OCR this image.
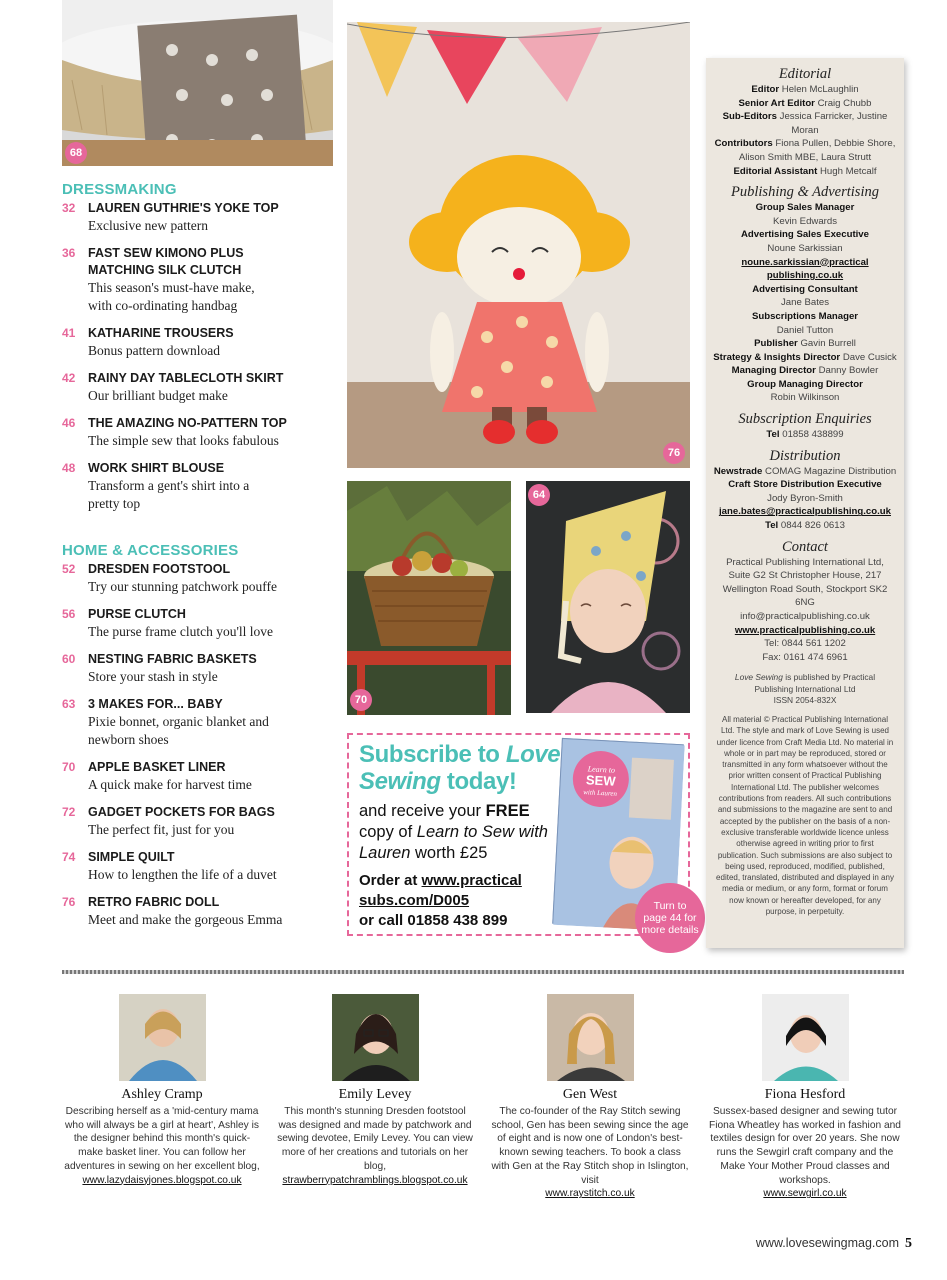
68
76
70
64
DRESSMAKING
32	LAUREN GUTHRIE'S YOKE TOP
Exclusive new pattern
36	FAST SEW KIMONO PLUS MATCHING SILK CLUTCH
This season's must-have make, with co-ordinating handbag
41	KATHARINE TROUSERS
Bonus pattern download
42	RAINY DAY TABLECLOTH SKIRT
Our brilliant budget make
46	THE AMAZING NO-PATTERN TOP
The simple sew that looks fabulous
48	WORK SHIRT BLOUSE
Transform a gent's shirt into a pretty top
HOME & ACCESSORIES
52	DRESDEN FOOTSTOOL
Try our stunning patchwork pouffe
56	PURSE CLUTCH
The purse frame clutch you'll love
60	NESTING FABRIC BASKETS
Store your stash in style
63	3 MAKES FOR... BABY
Pixie bonnet, organic blanket and newborn shoes
70	APPLE BASKET LINER
A quick make for harvest time
72	GADGET POCKETS FOR BAGS
The perfect fit, just for you
74	SIMPLE QUILT
How to lengthen the life of a duvet
76	RETRO FABRIC DOLL
Meet and make the gorgeous Emma
Subscribe to Love Sewing today!
and receive your FREE copy of Learn to Sew with Lauren worth £25
Order at www.practical subs.com/D005
or call 01858 438 899
Learn to
SEW
with Lauren
Turn to page 44 for more details
Editorial
Editor Helen McLaughlin
Senior Art Editor Craig Chubb
Sub-Editors Jessica Farricker, Justine Moran
Contributors Fiona Pullen, Debbie Shore, Alison Smith MBE, Laura Strutt
Editorial Assistant Hugh Metcalf
Publishing & Advertising
Group Sales Manager
Kevin Edwards
Advertising Sales Executive
Noune Sarkissian
noune.sarkissian@practical publishing.co.uk
Advertising Consultant
Jane Bates
Subscriptions Manager
Daniel Tutton
Publisher Gavin Burrell
Strategy & Insights Director Dave Cusick
Managing Director Danny Bowler
Group Managing Director
Robin Wilkinson
Subscription Enquiries
Tel 01858 438899
Distribution
Newstrade COMAG Magazine Distribution
Craft Store Distribution Executive
Jody Byron-Smith
jane.bates@practicalpublishing.co.uk
Tel 0844 826 0613
Contact
Practical Publishing International Ltd, Suite G2 St Christopher House, 217 Wellington Road South, Stockport SK2 6NG
info@practicalpublishing.co.uk
www.practicalpublishing.co.uk
Tel: 0844 561 1202
Fax: 0161 474 6961
Love Sewing is published by Practical Publishing International Ltd
ISSN 2054-832X
All material © Practical Publishing International Ltd. The style and mark of Love Sewing is used under licence from Craft Media Ltd. No material in whole or in part may be reproduced, stored or transmitted in any form whatsoever without the prior written consent of Practical Publishing International Ltd. The publisher welcomes contributions from readers. All such contributions and submissions to the magazine are sent to and accepted by the publisher on the basis of a non-exclusive transferable worldwide licence unless otherwise agreed in writing prior to first publication. Such submissions are also subject to being used, reproduced, modified, published, edited, translated, distributed and displayed in any media or medium, or any form, format or forum now known or hereafter developed, for any purpose, in perpetuity.
Ashley Cramp
Describing herself as a 'mid-century mama who will always be a girl at heart', Ashley is the designer behind this month's quick-make basket liner. You can follow her adventures in sewing on her excellent blog,
www.lazydaisyjones.blogspot.co.uk
Emily Levey
This month's stunning Dresden footstool was designed and made by patchwork and sewing devotee, Emily Levey. You can view more of her creations and tutorials on her blog,
strawberrypatchramblings.blogspot.co.uk
Gen West
The co-founder of the Ray Stitch sewing school, Gen has been sewing since the age of eight and is now one of London's best-known sewing teachers. To book a class with Gen at the Ray Stitch shop in Islington, visit
www.raystitch.co.uk
Fiona Hesford
Sussex-based designer and sewing tutor Fiona Wheatley has worked in fashion and textiles design for over 20 years. She now runs the Sewgirl craft company and the Make Your Mother Proud classes and workshops.
www.sewgirl.co.uk
www.lovesewingmag.com 5
